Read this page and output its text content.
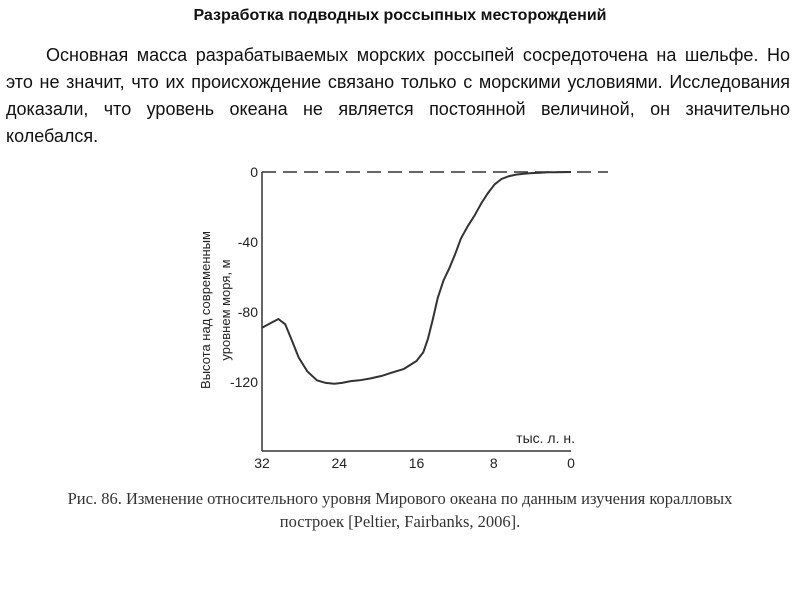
Разработка подводных россыпных месторождений

Основная масса разрабатываемых морских россыпей сосредоточена на шельфе. Но это не значит, что их происхождение связано только с морскими условиями. Исследования доказали, что уровень океана не является постоянной величиной, он значительно колебался.

Высота над современным уровнем моря, м
тыс. л. н.
0
-40
-80
-120
32	24	16	8	0

Рис. 86. Изменение относительного уровня Мирового океана по данным изучения коралловых построек [Peltier, Fairbanks, 2006].
